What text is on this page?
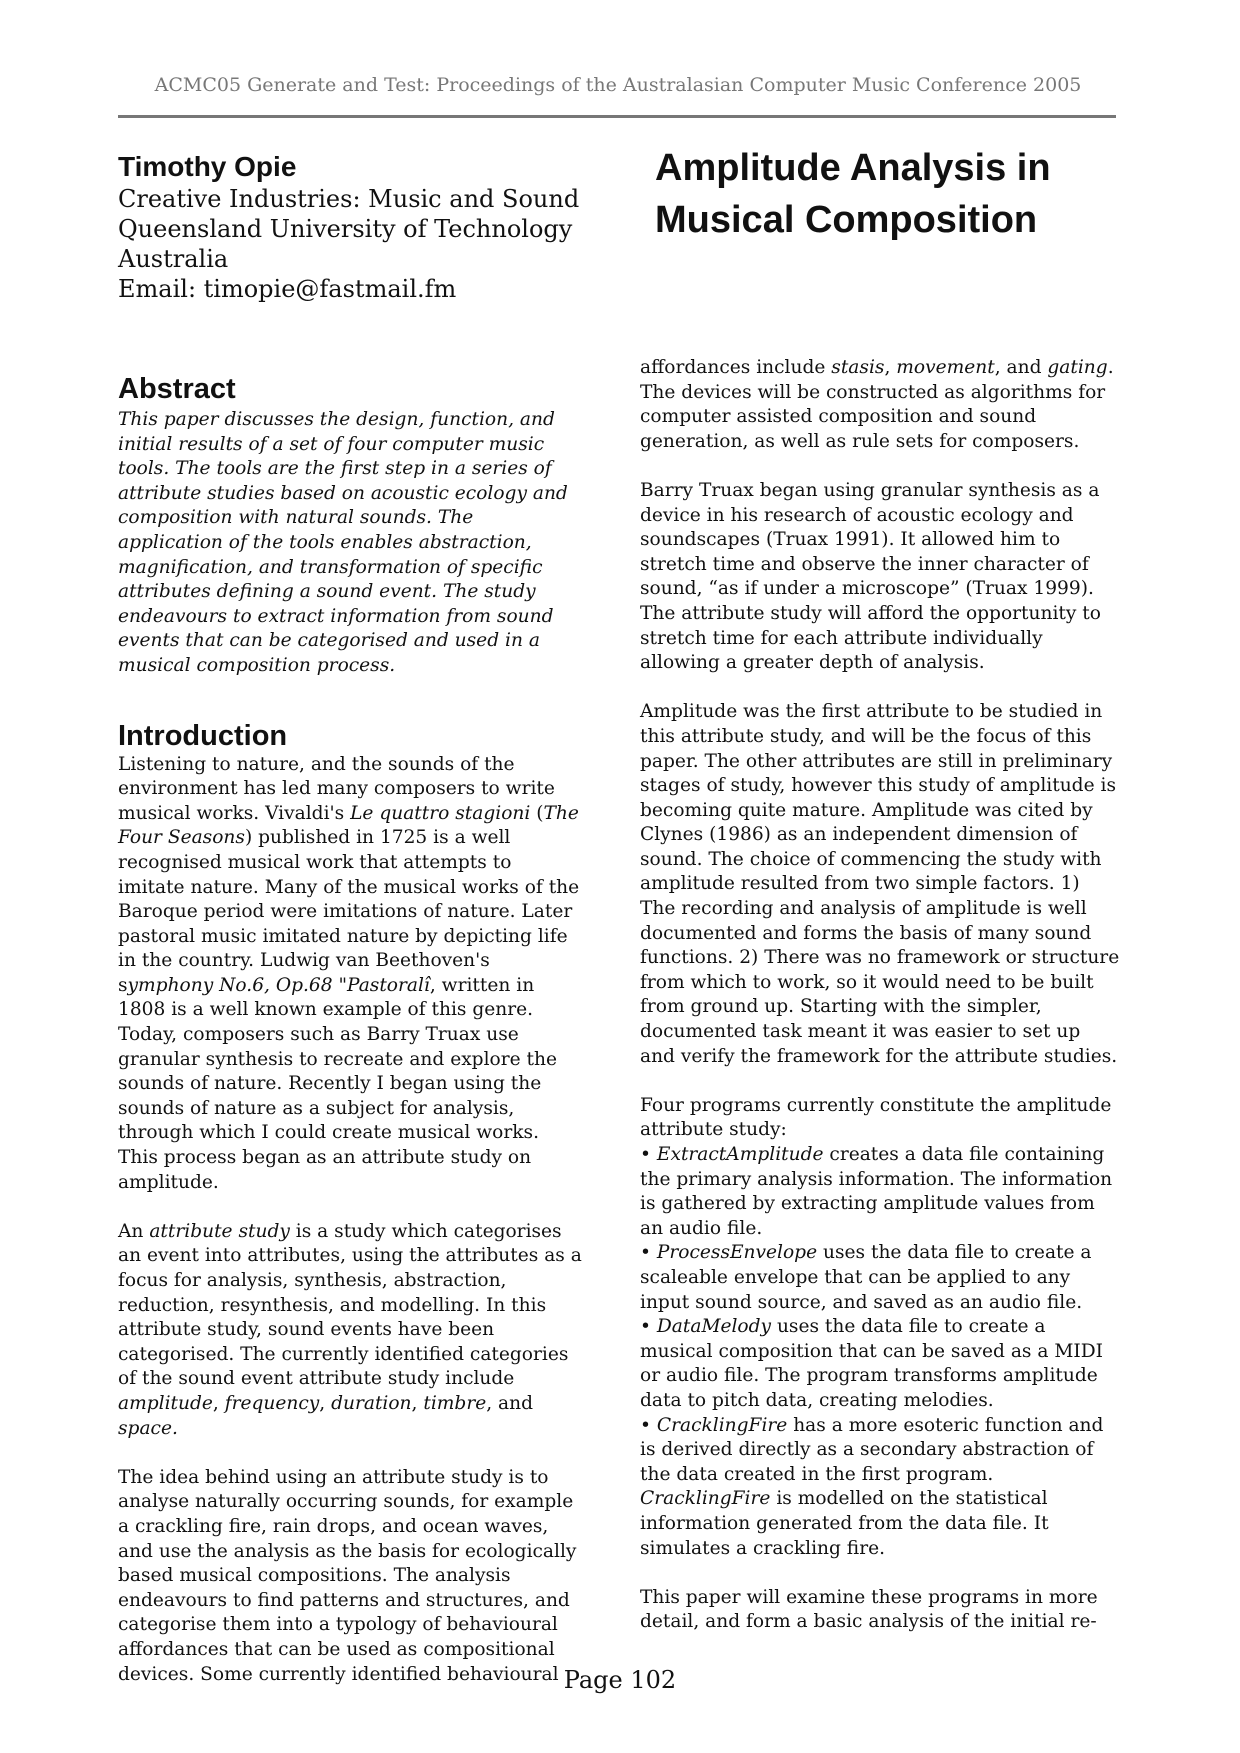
ACMC05 Generate and Test: Proceedings of the Australasian Computer Music Conference 2005
Timothy Opie
Creative Industries: Music and Sound
Queensland University of Technology
Australia
Email: timopie@fastmail.fm
Amplitude Analysis in Musical Composition
Abstract

This paper discusses the design, function, and initial results of a set of four computer music tools. The tools are the first step in a series of attribute studies based on acoustic ecology and composition with natural sounds. The application of the tools enables abstraction, magnification, and transformation of specific attributes defining a sound event. The study endeavours to extract information from sound events that can be categorised and used in a musical composition process.

Introduction

Listening to nature, and the sounds of the environment has led many composers to write musical works. Vivaldi's Le quattro stagioni (The Four Seasons) published in 1725 is a well recognised musical work that attempts to imitate nature. Many of the musical works of the Baroque period were imitations of nature. Later pastoral music imitated nature by depicting life in the country. Ludwig van Beethoven's symphony No.6, Op.68 "Pastoralî, written in 1808 is a well known example of this genre. Today, composers such as Barry Truax use granular synthesis to recreate and explore the sounds of nature. Recently I began using the sounds of nature as a subject for analysis, through which I could create musical works. This process began as an attribute study on amplitude.

An attribute study is a study which categorises an event into attributes, using the attributes as a focus for analysis, synthesis, abstraction, reduction, resynthesis, and modelling. In this attribute study, sound events have been categorised. The currently identified categories of the sound event attribute study include amplitude, frequency, duration, timbre, and space.

The idea behind using an attribute study is to analyse naturally occurring sounds, for example a crackling fire, rain drops, and ocean waves, and use the analysis as the basis for ecologically based musical compositions. The analysis endeavours to find patterns and structures, and categorise them into a typology of behavioural affordances that can be used as compositional devices. Some currently identified behavioural

affordances include stasis, movement, and gating. The devices will be constructed as algorithms for computer assisted composition and sound generation, as well as rule sets for composers.

Barry Truax began using granular synthesis as a device in his research of acoustic ecology and soundscapes (Truax 1991). It allowed him to stretch time and observe the inner character of sound, “as if under a microscope” (Truax 1999). The attribute study will afford the opportunity to stretch time for each attribute individually allowing a greater depth of analysis.

Amplitude was the first attribute to be studied in this attribute study, and will be the focus of this paper. The other attributes are still in preliminary stages of study, however this study of amplitude is becoming quite mature. Amplitude was cited by Clynes (1986) as an independent dimension of sound. The choice of commencing the study with amplitude resulted from two simple factors. 1) The recording and analysis of amplitude is well documented and forms the basis of many sound functions. 2) There was no framework or structure from which to work, so it would need to be built from ground up. Starting with the simpler, documented task meant it was easier to set up and verify the framework for the attribute studies.

Four programs currently constitute the amplitude attribute study:

• ExtractAmplitude creates a data file containing the primary analysis information. The information is gathered by extracting amplitude values from an audio file.

• ProcessEnvelope uses the data file to create a scaleable envelope that can be applied to any input sound source, and saved as an audio file.

• DataMelody uses the data file to create a musical composition that can be saved as a MIDI or audio file. The program transforms amplitude data to pitch data, creating melodies.

• CracklingFire has a more esoteric function and is derived directly as a secondary abstraction of the data created in the first program. CracklingFire is modelled on the statistical information generated from the data file. It simulates a crackling fire.

This paper will examine these programs in more detail, and form a basic analysis of the initial re-

Page 102
